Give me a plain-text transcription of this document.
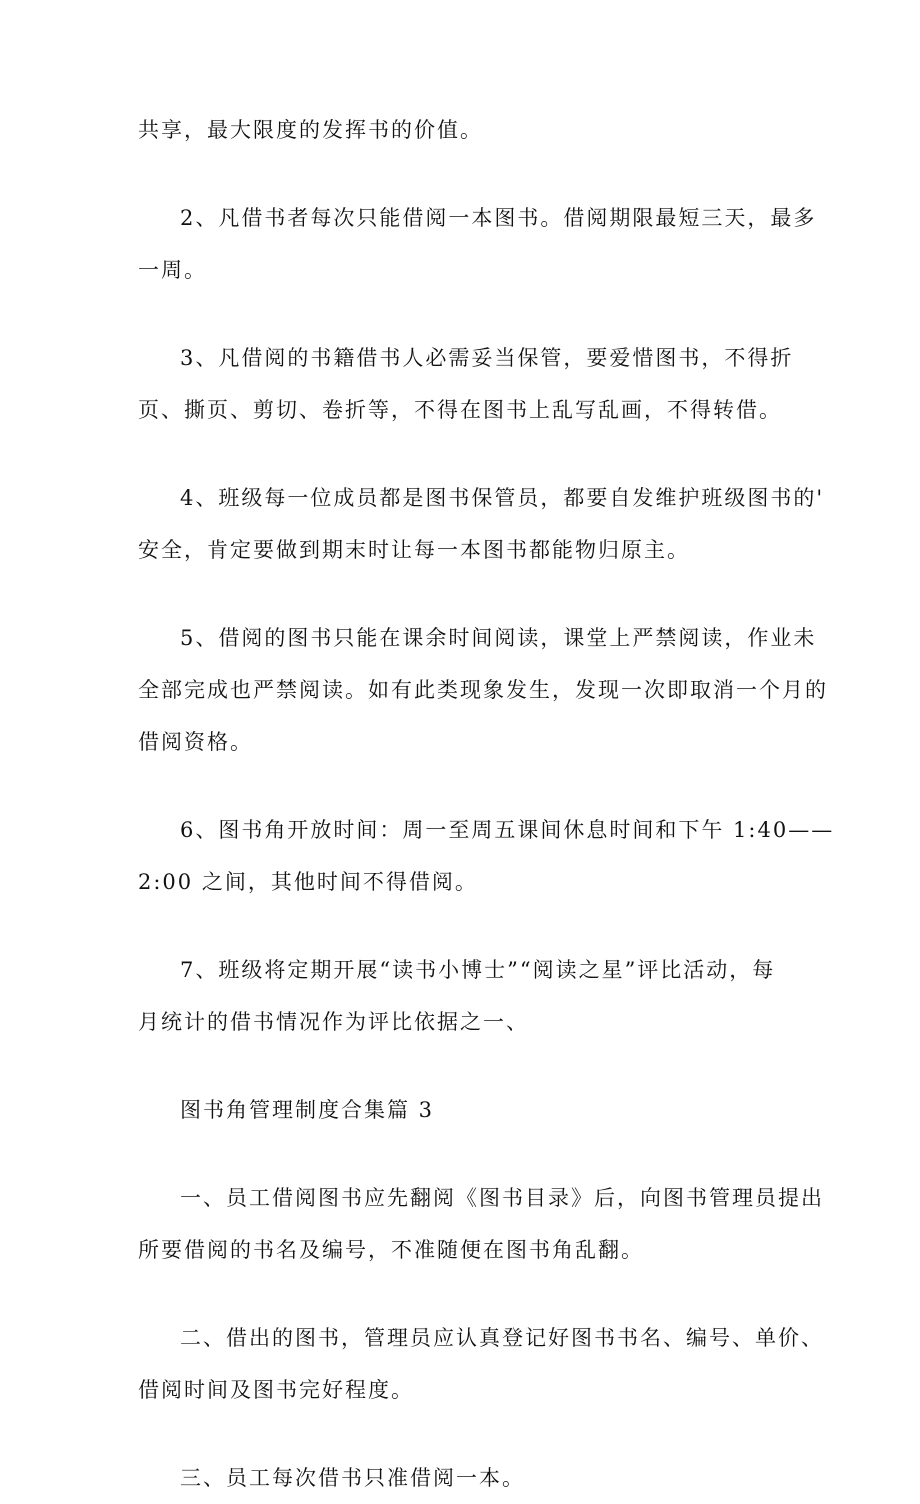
共享，最大限度的发挥书的价值。

2、凡借书者每次只能借阅一本图书。借阅期限最短三天，最多
一周。

3、凡借阅的书籍借书人必需妥当保管，要爱惜图书，不得折
页、撕页、剪切、卷折等，不得在图书上乱写乱画，不得转借。

4、班级每一位成员都是图书保管员，都要自发维护班级图书的'
安全，肯定要做到期末时让每一本图书都能物归原主。

5、借阅的图书只能在课余时间阅读，课堂上严禁阅读，作业未
全部完成也严禁阅读。如有此类现象发生，发现一次即取消一个月的
借阅资格。

6、图书角开放时间：周一至周五课间休息时间和下午 1:40——
2:00 之间，其他时间不得借阅。

7、班级将定期开展“读书小博士”“阅读之星”评比活动，每
月统计的借书情况作为评比依据之一、

图书角管理制度合集篇 3

一、员工借阅图书应先翻阅《图书目录》后，向图书管理员提出
所要借阅的书名及编号，不准随便在图书角乱翻。

二、借出的图书，管理员应认真登记好图书书名、编号、单价、
借阅时间及图书完好程度。

三、员工每次借书只准借阅一本。
